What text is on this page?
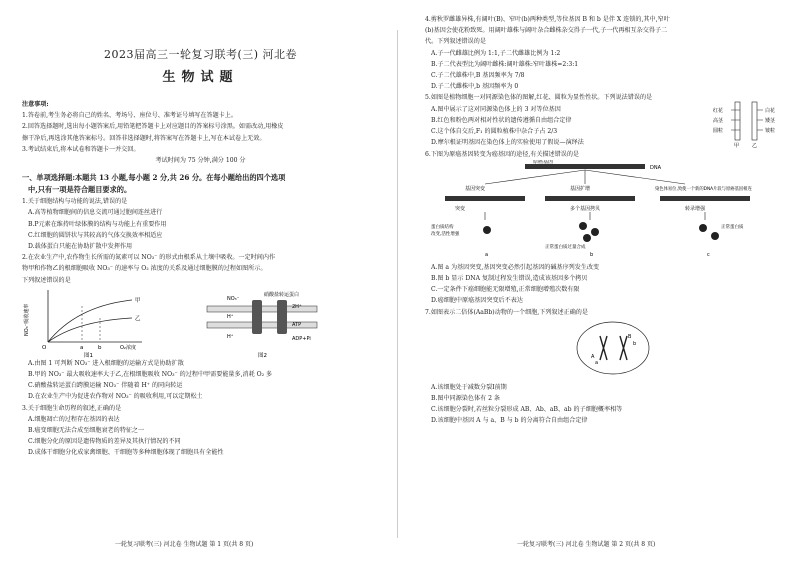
2023届高三一轮复习联考(三) 河北卷
生物试题
注意事项:
1.答卷前,考生务必将自己的姓名、考场号、座位号、准考证号填写在答题卡上。
2.回答选择题时,选出每小题答案后,用铅笔把答题卡上对应题目的答案标号涂黑。如需改动,用橡皮
擦干净后,再选涂其他答案标号。回答非选择题时,将答案写在答题卡上,写在本试卷上无效。
3.考试结束后,将本试卷和答题卡一并交回。
考试时间为 75 分钟,满分 100 分
一、单项选择题:本题共 13 小题,每小题 2 分,共 26 分。在每小题给出的四个选项
中,只有一项是符合题目要求的。
1.关于细胞结构与功能的说法,错误的是
A.高等植物细胞间的信息交流可通过胞间连丝进行
B.P元素在维持叶绿体膜的结构与功能上有重要作用
C.红细胞的圆饼状与其较高的气体交换效率相适应
D.载体蛋白只能在协助扩散中发挥作用
2.在农业生产中,农作物生长所需的氮素可以 NO₃⁻ 的形式由根系从土壤中吸收。一定时间内作
物甲和作物乙的根细胞吸收 NO₃⁻ 的速率与 O₂ 浓度的关系及通过细胞膜的过程如图所示。
下列叙述错误的是
NO₃⁻吸收速率
O	a	b	O₂浓度
甲
乙
图1
硝酸盐转运蛋白
NO₃⁻
H⁺
H⁺
2H⁺
ATP
ADP+Pi
图2
A.由图 1 可判断 NO₃⁻ 进入根细胞的运输方式是协助扩散
B.甲的 NO₃⁻ 最大吸收速率大于乙,在根细胞吸收 NO₃⁻ 的过程中甲需要能量多,消耗 O₂ 多
C.硝酸盐转运蛋白跨膜运输 NO₃⁻ 伴随着 H⁺ 的同向转运
D.在农业生产中为促进农作物对 NO₃⁻ 的吸收利用,可以定期松土
3.关于细胞生命历程的叙述,正确的是
A.细胞凋亡的过程存在基因的表达
B.癌变细胞无法合成至细胞衰老的特征之一
C.细胞分化的原因是遗传物质的差异及其执行情况的不同
D.成体干细胞分化成家禽细胞、干细胞等多种细胞体现了细胞具有全能性
一轮复习联考(三) 河北卷 生物试题 第 1 页(共 8 页)
4.剪秋罗雌雄异株,有阔叶(B)、窄叶(b)两种类型,等位基因 B 和 b 是伴 X 连锁的,其中,窄叶
(b)基因会使花粉致死。用阔叶雄株与阔叶杂合雌株杂交得子一代,子一代再相互杂交得子二
代。下列叙述错误的是
A.子一代雌雄比例为 1:1,子二代雌雄比例为 1:2
B.子二代表型比为阔叶雌株:阔叶雄株:窄叶雄株=2:3:1
C.子二代雄株中,B 基因频率为 7/8
D.子二代雌株中,b 基因频率为 0
5.如图是植物细胞一对同源染色体的图解,红花、圆粒为显性性状。下列说法错误的是
A.图中展示了这对同源染色体上的 3 对等位基因
B.红色和粉色两对相对性状的遗传遵循自由组合定律
C.这个体自交后,F₁ 的圆粒植株中杂合子占 2/3
D.摩尔根证明基因在染色体上的实验使用了假说—演绎法
红花
高茎
圆粒
白花
矮茎
皱粒
甲	乙
6.下图为原癌基因转变为癌基因的途径,有关描述错误的是
原癌基因
DNA
基因突变	基因扩增	染色体易位,致使一个新的DNA片段与原癌基因相连
突变	多个基因拷贝	转录增强
蛋白质结构
改变,活性增强
正常蛋白质过量合成
正常蛋白质
a	b	c
A.图 a 为基因突变,基因突变必然引起基因的碱基序列发生改变
B.图 b 显示 DNA 复制过程发生错误,造成该基因多个拷贝
C.一定条件下癌细胞能无限增殖,正常细胞增殖次数有限
D.癌细胞中原癌基因突变后不表达
7.如图表示二倍体(AaBb)动物的一个细胞,下列叙述正确的是
B
b
A
a
A.该细胞处于减数分裂Ⅰ前期
B.图中同源染色体有 2 条
C.该细胞分裂时,若丝粒分裂形成 AB、Ab、aB、ab 的子细胞概率相等
D.该细胞中基因 A 与 a、B 与 b 的分离符合自由组合定律
一轮复习联考(三) 河北卷 生物试题 第 2 页(共 8 页)
